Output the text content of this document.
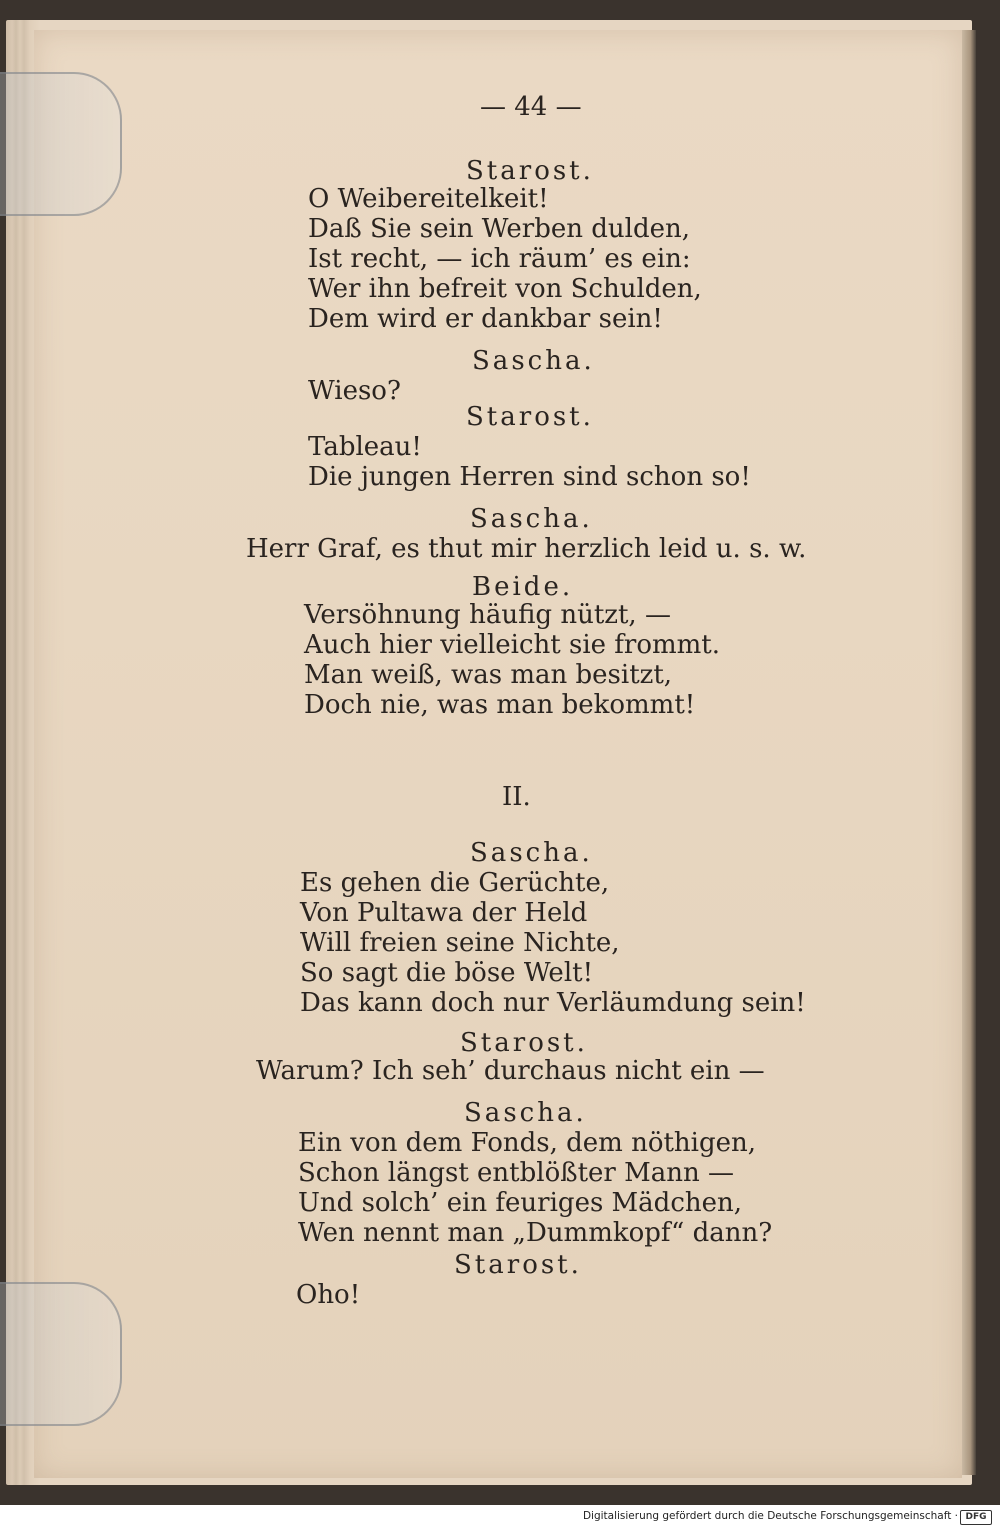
— 44 —
Starost.
O Weibereitelkeit!
Daß Sie sein Werben dulden,
Ist recht, — ich räum’ es ein:
Wer ihn befreit von Schulden,
Dem wird er dankbar sein!
Sascha.
Wieso?
Starost.
Tableau!
Die jungen Herren sind schon so!
Sascha.
Herr Graf, es thut mir herzlich leid u. s. w.
Beide.
Versöhnung häufig nützt, —
Auch hier vielleicht sie frommt.
Man weiß, was man besitzt,
Doch nie, was man bekommt!
II.
Sascha.
Es gehen die Gerüchte,
Von Pultawa der Held
Will freien seine Nichte,
So sagt die böse Welt!
Das kann doch nur Verläumdung sein!
Starost.
Warum? Ich seh’ durchaus nicht ein —
Sascha.
Ein von dem Fonds, dem nöthigen,
Schon längst entblößter Mann —
Und solch’ ein feuriges Mädchen,
Wen nennt man „Dummkopf“ dann?
Starost.
Oho!
Digitalisierung gefördert durch die Deutsche Forschungsgemeinschaft · DFG
